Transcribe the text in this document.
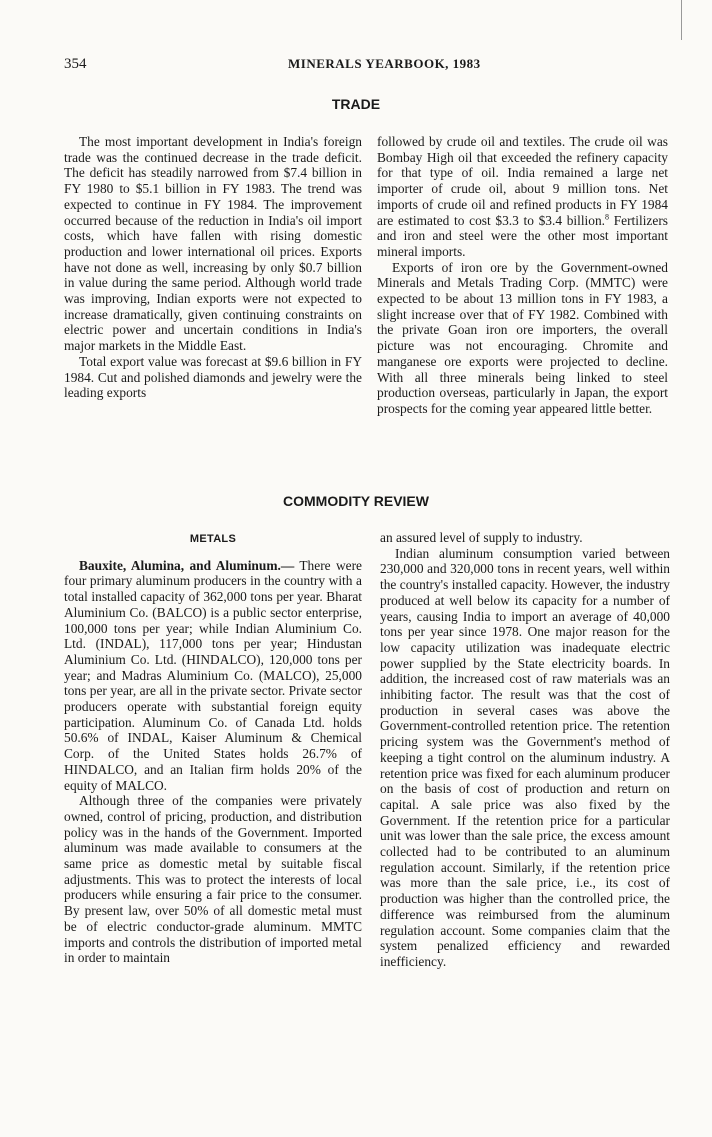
354	MINERALS YEARBOOK, 1983
TRADE

The most important development in India's foreign trade was the continued decrease in the trade deficit. The deficit has steadily narrowed from $7.4 billion in FY 1980 to $5.1 billion in FY 1983. The trend was expected to continue in FY 1984. The improvement occurred because of the reduction in India's oil import costs, which have fallen with rising domestic production and lower international oil prices. Exports have not done as well, increasing by only $0.7 billion in value during the same period. Although world trade was improving, Indian exports were not expected to increase dramatically, given continuing constraints on electric power and uncertain conditions in India's major markets in the Middle East.

Total export value was forecast at $9.6 billion in FY 1984. Cut and polished diamonds and jewelry were the leading exports

followed by crude oil and textiles. The crude oil was Bombay High oil that exceeded the refinery capacity for that type of oil. India remained a large net importer of crude oil, about 9 million tons. Net imports of crude oil and refined products in FY 1984 are estimated to cost $3.3 to $3.4 billion.$^8$ Fertilizers and iron and steel were the other most important mineral imports.

Exports of iron ore by the Government-owned Minerals and Metals Trading Corp. (MMTC) were expected to be about 13 million tons in FY 1983, a slight increase over that of FY 1982. Combined with the private Goan iron ore importers, the overall picture was not encouraging. Chromite and manganese ore exports were projected to decline. With all three minerals being linked to steel production overseas, particularly in Japan, the export prospects for the coming year appeared little better.

COMMODITY REVIEW
METALS

Bauxite, Alumina, and Aluminum.— There were four primary aluminum producers in the country with a total installed capacity of 362,000 tons per year. Bharat Aluminium Co. (BALCO) is a public sector enterprise, 100,000 tons per year; while Indian Aluminium Co. Ltd. (INDAL), 117,000 tons per year; Hindustan Aluminium Co. Ltd. (HINDALCO), 120,000 tons per year; and Madras Aluminium Co. (MALCO), 25,000 tons per year, are all in the private sector. Private sector producers operate with substantial foreign equity participation. Aluminum Co. of Canada Ltd. holds 50.6% of INDAL, Kaiser Aluminum & Chemical Corp. of the United States holds 26.7% of HINDALCO, and an Italian firm holds 20% of the equity of MALCO.

Although three of the companies were privately owned, control of pricing, production, and distribution policy was in the hands of the Government. Imported aluminum was made available to consumers at the same price as domestic metal by suitable fiscal adjustments. This was to protect the interests of local producers while ensuring a fair price to the consumer. By present law, over 50% of all domestic metal must be of electric conductor-grade aluminum. MMTC imports and controls the distribution of imported metal in order to maintain

an assured level of supply to industry.

Indian aluminum consumption varied between 230,000 and 320,000 tons in recent years, well within the country's installed capacity. However, the industry produced at well below its capacity for a number of years, causing India to import an average of 40,000 tons per year since 1978. One major reason for the low capacity utilization was inadequate electric power supplied by the State electricity boards. In addition, the increased cost of raw materials was an inhibiting factor. The result was that the cost of production in several cases was above the Government-controlled retention price. The retention pricing system was the Government's method of keeping a tight control on the aluminum industry. A retention price was fixed for each aluminum producer on the basis of cost of production and return on capital. A sale price was also fixed by the Government. If the retention price for a particular unit was lower than the sale price, the excess amount collected had to be contributed to an aluminum regulation account. Similarly, if the retention price was more than the sale price, i.e., its cost of production was higher than the controlled price, the difference was reimbursed from the aluminum regulation account. Some companies claim that the system penalized efficiency and rewarded inefficiency.
